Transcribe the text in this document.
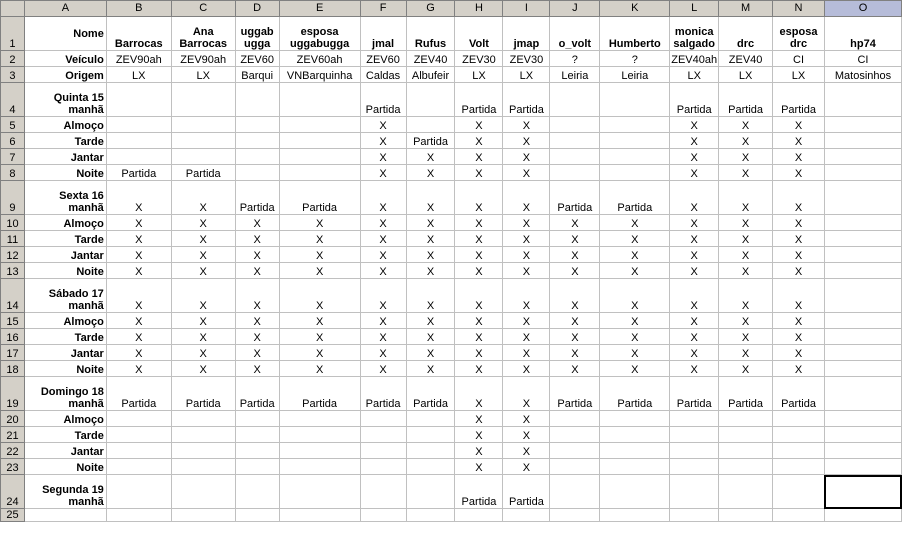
	A	B	C	D	E	F	G	H	I	J	K	L	M	N	O
1	Nome	Barrocas	Ana Barrocas	uggab ugga	esposa uggabugga	jmal	Rufus	Volt	jmap	o_volt	Humberto	monica salgado	drc	esposa drc	hp74
2	Veículo	ZEV90ah	ZEV90ah	ZEV60	ZEV60ah	ZEV60	ZEV40	ZEV30	ZEV30	?	?	ZEV40ah	ZEV40	CI	CI
3	Origem	LX	LX	Barqui	VNBarquinha	Caldas	Albufeir	LX	LX	Leiria	Leiria	LX	LX	LX	Matosinhos
4	Quinta 15 manhã					Partida		Partida	Partida			Partida	Partida	Partida	
5	Almoço					X		X	X			X	X	X	
6	Tarde					X	Partida	X	X			X	X	X	
7	Jantar					X	X	X	X			X	X	X	
8	Noite	Partida	Partida			X	X	X	X			X	X	X	
9	Sexta 16 manhã	X	X	Partida	Partida	X	X	X	X	Partida	Partida	X	X	X	
10	Almoço	X	X	X	X	X	X	X	X	X	X	X	X	X	
11	Tarde	X	X	X	X	X	X	X	X	X	X	X	X	X	
12	Jantar	X	X	X	X	X	X	X	X	X	X	X	X	X	
13	Noite	X	X	X	X	X	X	X	X	X	X	X	X	X	
14	Sábado 17 manhã	X	X	X	X	X	X	X	X	X	X	X	X	X	
15	Almoço	X	X	X	X	X	X	X	X	X	X	X	X	X	
16	Tarde	X	X	X	X	X	X	X	X	X	X	X	X	X	
17	Jantar	X	X	X	X	X	X	X	X	X	X	X	X	X	
18	Noite	X	X	X	X	X	X	X	X	X	X	X	X	X	
19	Domingo 18 manhã	Partida	Partida	Partida	Partida	Partida	Partida	X	X	Partida	Partida	Partida	Partida	Partida	
20	Almoço							X	X						
21	Tarde							X	X						
22	Jantar							X	X						
23	Noite							X	X						
24	Segunda 19 manhã							Partida	Partida						
25															
